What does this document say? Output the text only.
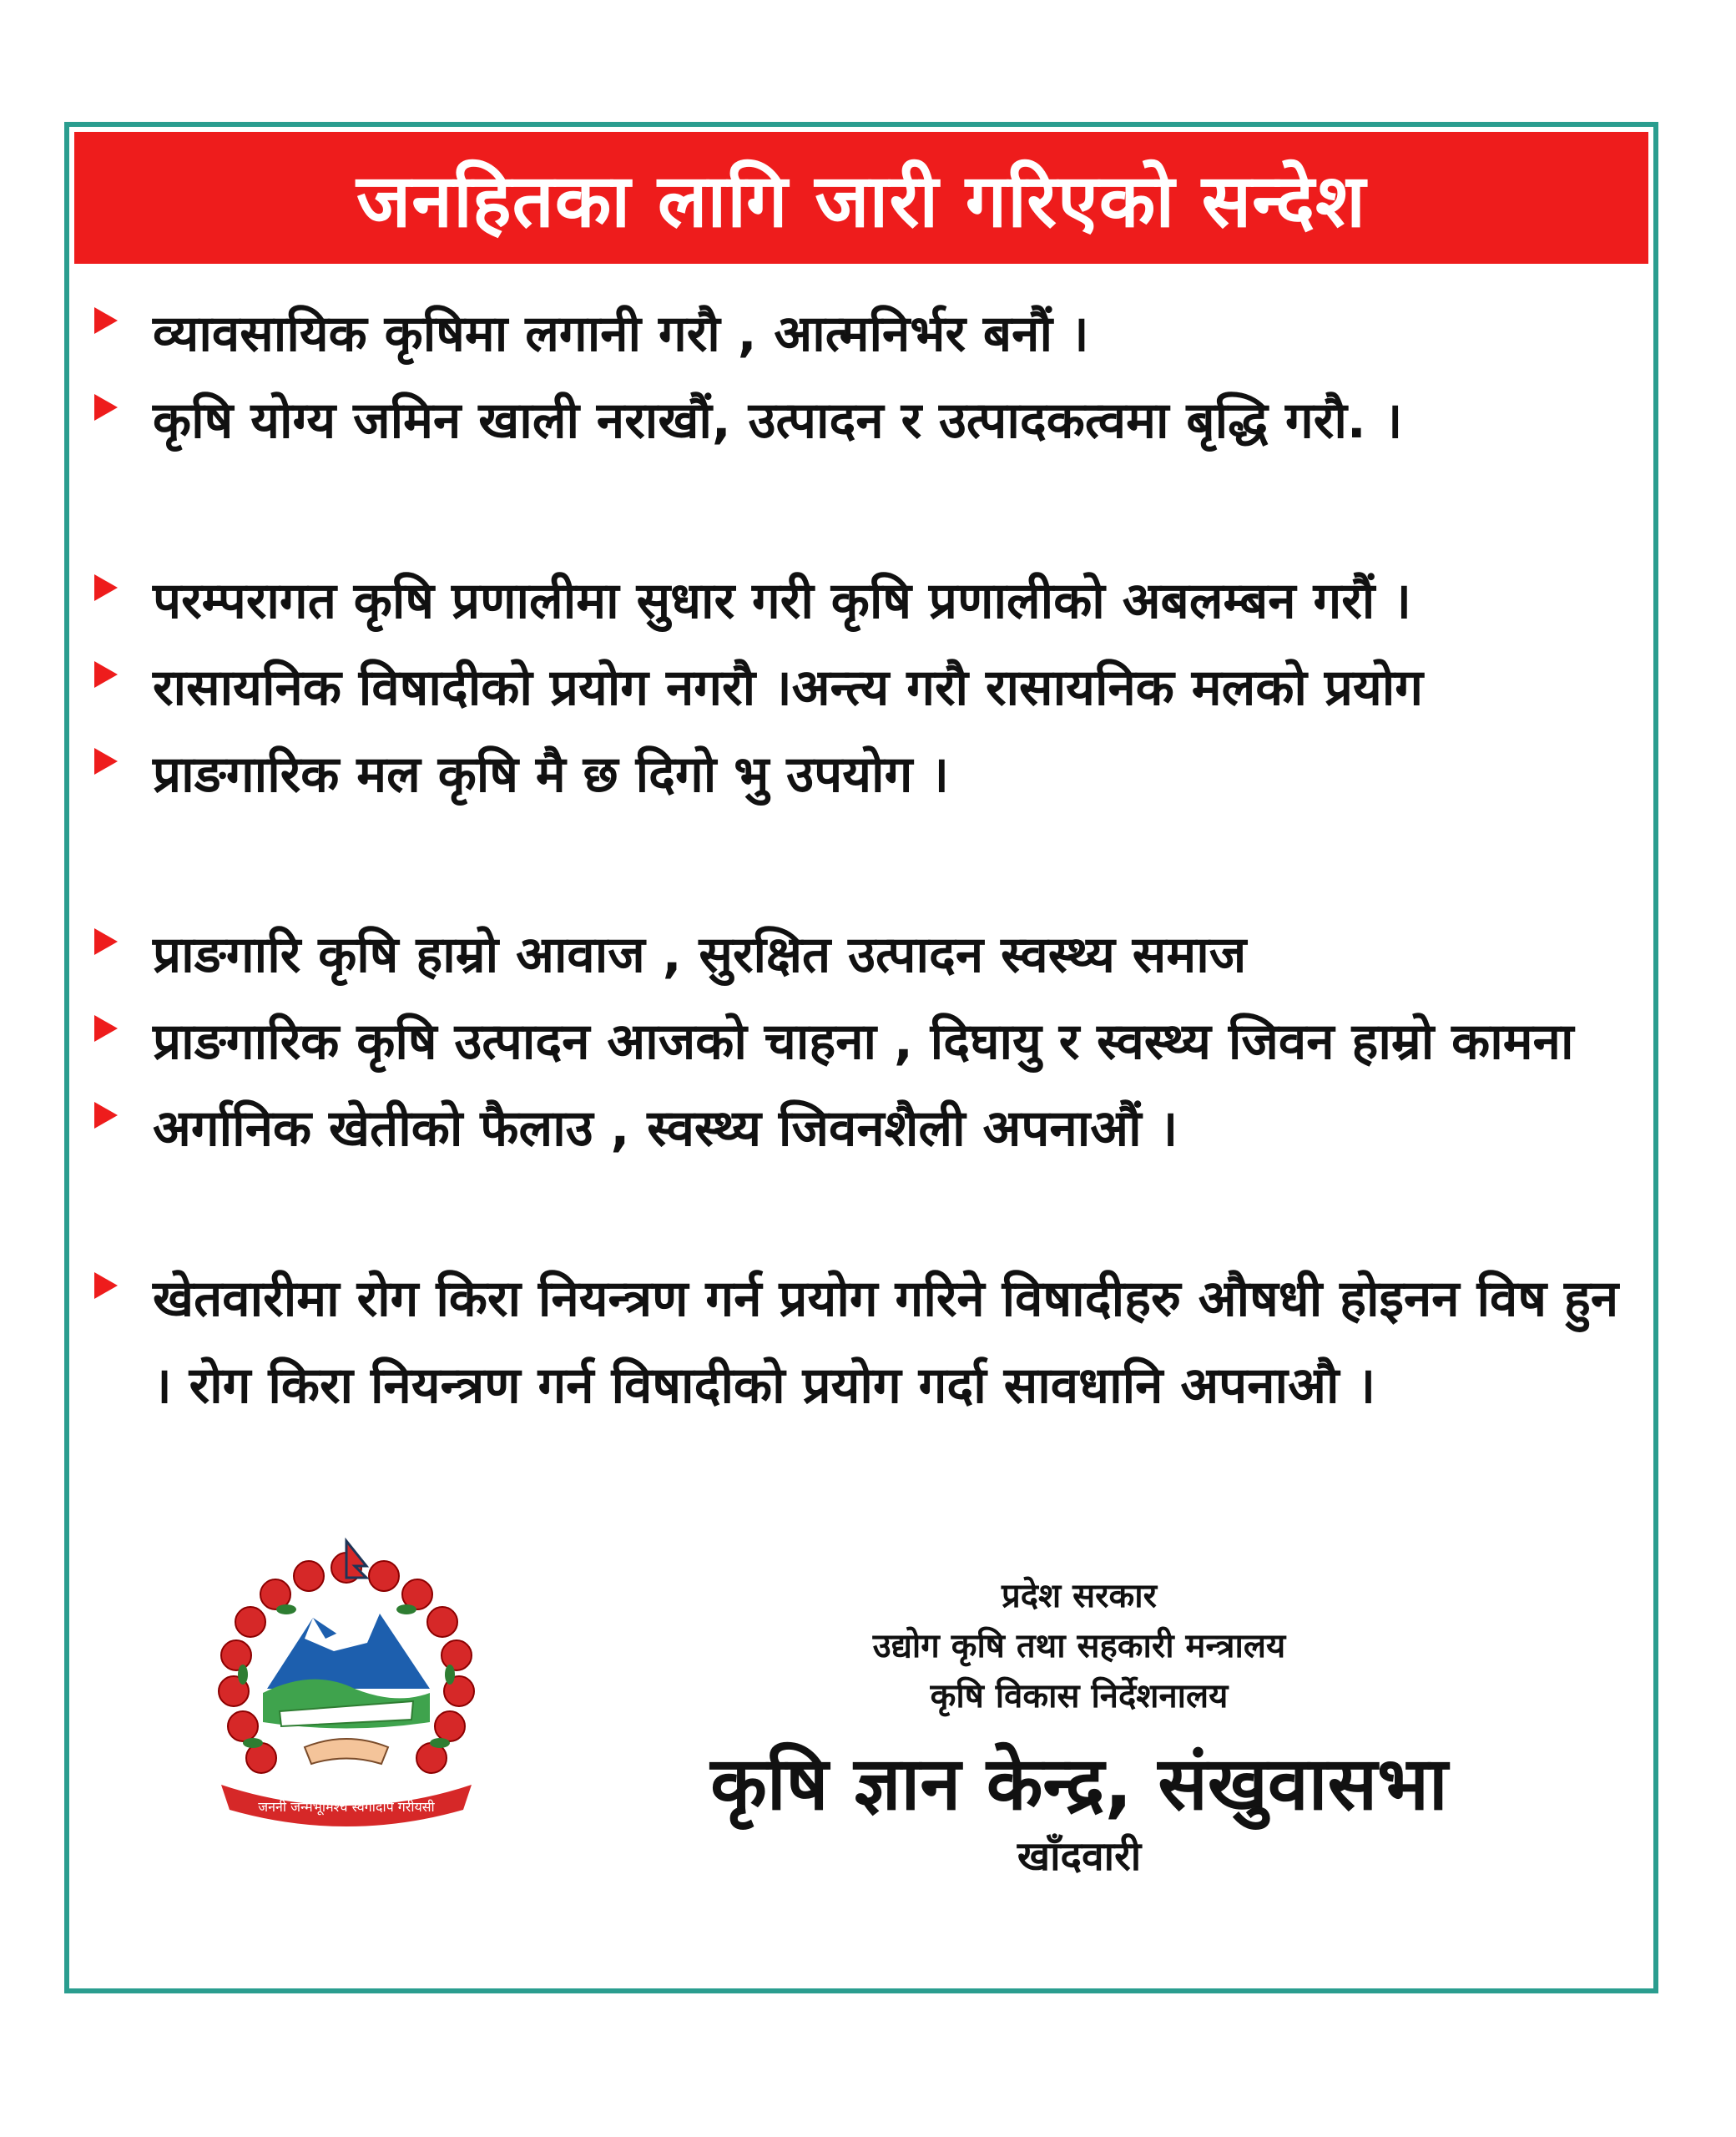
जनहितका लागि जारी गरिएको सन्देश
व्यावसायिक कृषिमा लगानी गरौ , आत्मनिर्भर बनौं ।
कृषि योग्य जमिन खाली नराखौं, उत्पादन र उत्पादकत्वमा बृद्धि गरौ. ।
परम्परागत कृषि प्रणालीमा सुधार गरी कृषि प्रणालीको अबलम्बन गरौं ।
रासायनिक विषादीको प्रयोग नगरौ ।अन्त्य गरौ रासायनिक मलको प्रयोग
प्राङगारिक मल कृषि मै छ दिगो भु उपयोग ।
प्राङगारि कृषि हाम्रो आवाज , सुरक्षित उत्पादन स्वस्थ्य समाज
प्राङगारिक कृषि उत्पादन आजको चाहना , दिघायु र स्वस्थ्य जिवन हाम्रो कामना
अर्गानिक खेतीको फैलाउ , स्वस्थ्य जिवनशैली अपनाऔं ।
खेतवारीमा रोग किरा नियन्त्रण गर्न प्रयोग गरिने विषादीहरु औषधी होइनन विष हुन । रोग किरा नियन्त्रण गर्न विषादीको प्रयोग गर्दा सावधानि अपनाऔ ।
प्रदेश सरकार
उद्योग कृषि तथा सहकारी मन्त्रालय
कृषि विकास निर्देशनालय
कृषि ज्ञान केन्द्र, संखुवासभा
खाँदवारी
जननी जन्मभूमिश्च स्वर्गादपि गरीयसी
